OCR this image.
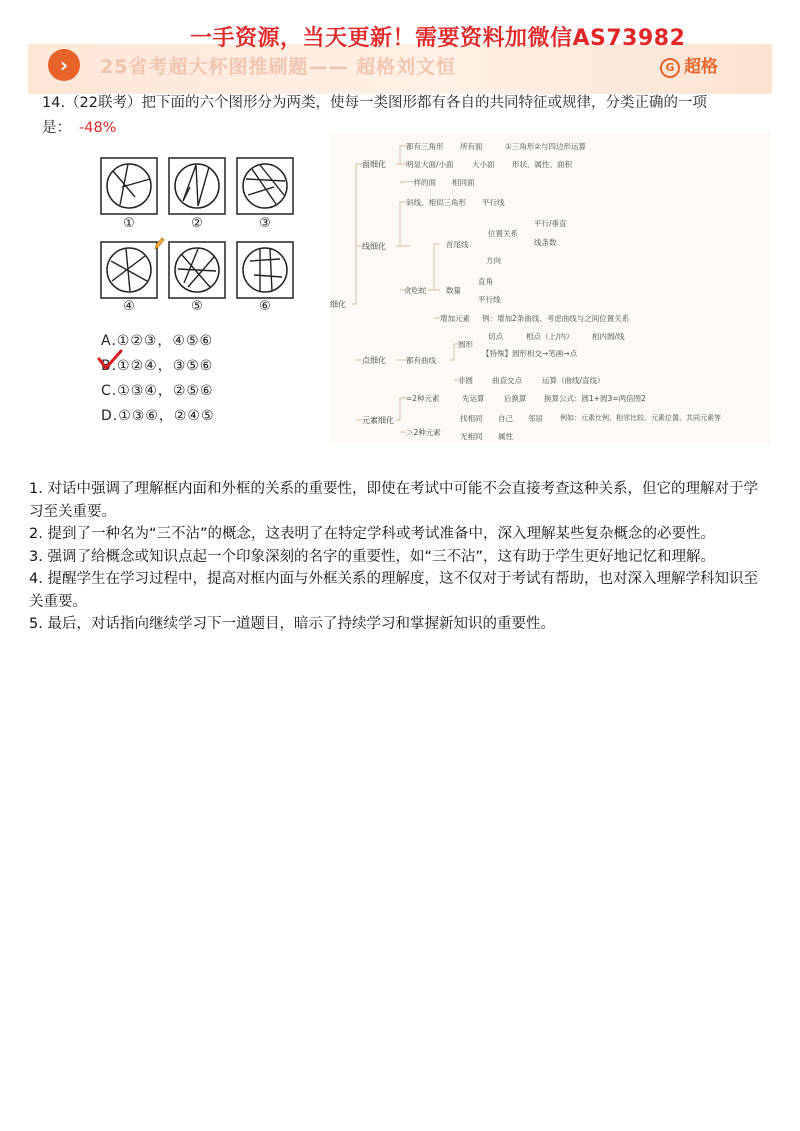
›	25省考超大杯图推刷题—— 超格刘文恒
一手资源，当天更新！需要资料加微信AS73982
G 超格
14.（22联考）把下面的六个图形分为两类，使每一类图形都有各自的共同特征或规律，分类正确的一项是： -48%
①	②	③
④	⑤	⑥
A.①②③，④⑤⑥
B.①②④，③⑤⑥
C.①③④，②⑤⑥
D.①③⑥，②④⑤
细化
面细化
线细化
点细化
元素细化
都有三角形 所有面	①三角形②与四边形运算
明显大面/小面 大小面 形状、属性、面积
一样的面 相同面
斜线、相似三角形 平行线
首尾线
位置关系
平行/垂直
线条数
方向
贪吃蛇	数量
直角
平行线
增加元素 例：增加2条曲线、考虑曲线与之间位置关系
都有曲线
圆形
切点	相点（上/内） 相内圆/线
【特殊】圆形相交→笔画→点
非圆	曲直交点	运算（曲线/直线）
=2种元素	先运算	后换算 换算公式：圆1+圆3=两倍图2
＞2种元素
找相同 自己 邻居 例如：元素比例、相邻比较、元素位置、共同元素等
无相同 属性

1. 对话中强调了理解框内面和外框的关系的重要性，即使在考试中可能不会直接考查这种关系，但它的理解对于学习至关重要。

2. 提到了一种名为“三不沾”的概念，这表明了在特定学科或考试准备中，深入理解某些复杂概念的必要性。

3. 强调了给概念或知识点起一个印象深刻的名字的重要性，如“三不沾”，这有助于学生更好地记忆和理解。

4. 提醒学生在学习过程中，提高对框内面与外框关系的理解度，这不仅对于考试有帮助，也对深入理解学科知识至关重要。

5. 最后，对话指向继续学习下一道题目，暗示了持续学习和掌握新知识的重要性。
